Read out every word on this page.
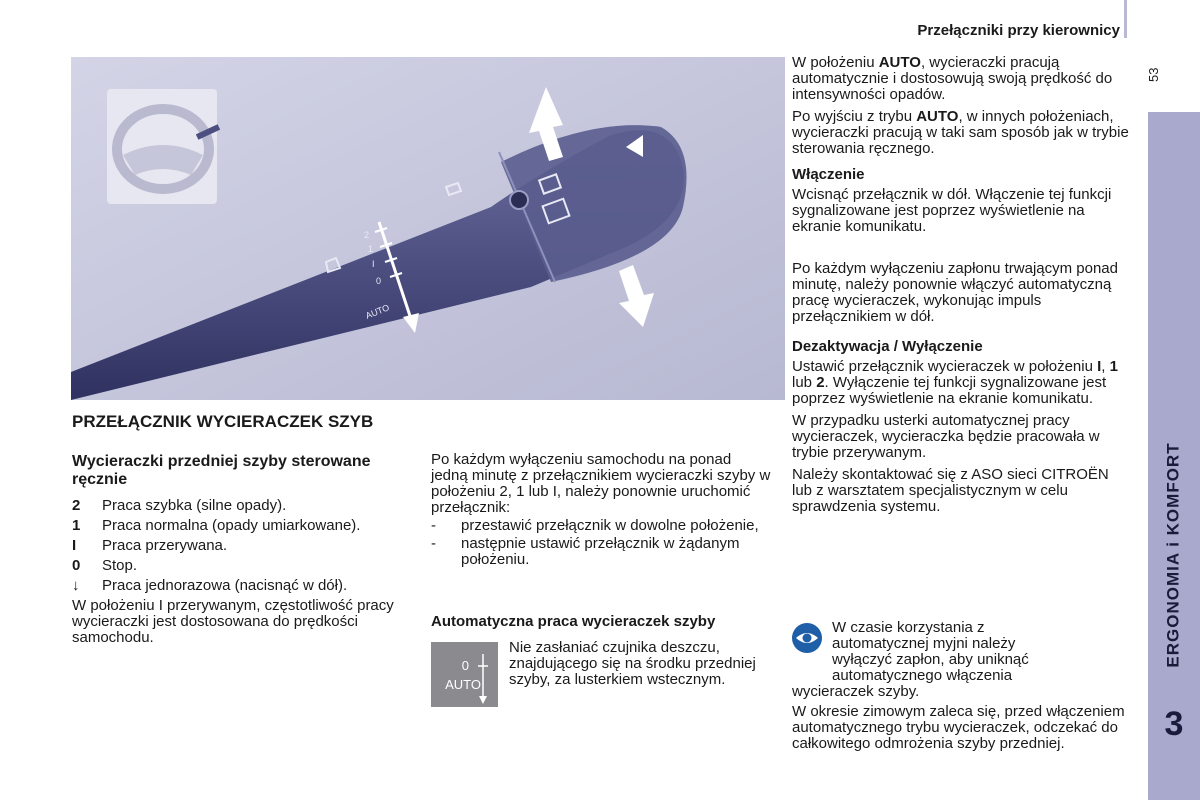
Przełączniki przy kierownicy
53
ERGONOMIA i KOMFORT
3
2
1
I
0
AUTO
PRZEŁĄCZNIK WYCIERACZEK SZYB
Wycieraczki przedniej szyby sterowane ręcznie
2	Praca szybka (silne opady).
1	Praca normalna (opady umiarkowane).
I	Praca przerywana.
0	Stop.
↓	Praca jednorazowa (nacisnąć w dół).
W położeniu I przerywanym, częstotliwość pracy wycieraczki jest dostosowana do prędkości samochodu.
Po każdym wyłączeniu samochodu na ponad jedną minutę z przełącznikiem wycieraczki szyby w położeniu 2, 1 lub I, należy ponownie uruchomić przełącznik:
-	przestawić przełącznik w dowolne położenie,
-	następnie ustawić przełącznik w żądanym położeniu.
Automatyczna praca wycieraczek szyby
0
AUTO
Nie zasłaniać czujnika deszczu, znajdującego się na środku przedniej szyby, za lusterkiem wstecznym.
W położeniu AUTO, wycieraczki pracują automatycznie i dostosowują swoją prędkość do intensywności opadów.
Po wyjściu z trybu AUTO, w innych położeniach, wycieraczki pracują w taki sam sposób jak w trybie sterowania ręcznego.
Włączenie
Wcisnąć przełącznik w dół. Włączenie tej funkcji sygnalizowane jest poprzez wyświetlenie na ekranie komunikatu.
Po każdym wyłączeniu zapłonu trwającym ponad minutę, należy ponownie włączyć automatyczną pracę wycieraczek, wykonując impuls przełącznikiem w dół.
Dezaktywacja / Wyłączenie
Ustawić przełącznik wycieraczek w położeniu I, 1 lub 2. Wyłączenie tej funkcji sygnalizowane jest poprzez wyświetlenie na ekranie komunikatu.
W przypadku usterki automatycznej pracy wycieraczek, wycieraczka będzie pracowała w trybie przerywanym.
Należy skontaktować się z ASO sieci CITROËN lub z warsztatem specjalistycznym w celu sprawdzenia systemu.
W czasie korzystania z
automatycznej myjni należy
wyłączyć zapłon, aby uniknąć
automatycznego włączenia
wycieraczek szyby.
W okresie zimowym zaleca się, przed włączeniem automatycznego trybu wycieraczek, odczekać do całkowitego odmrożenia szyby przedniej.
